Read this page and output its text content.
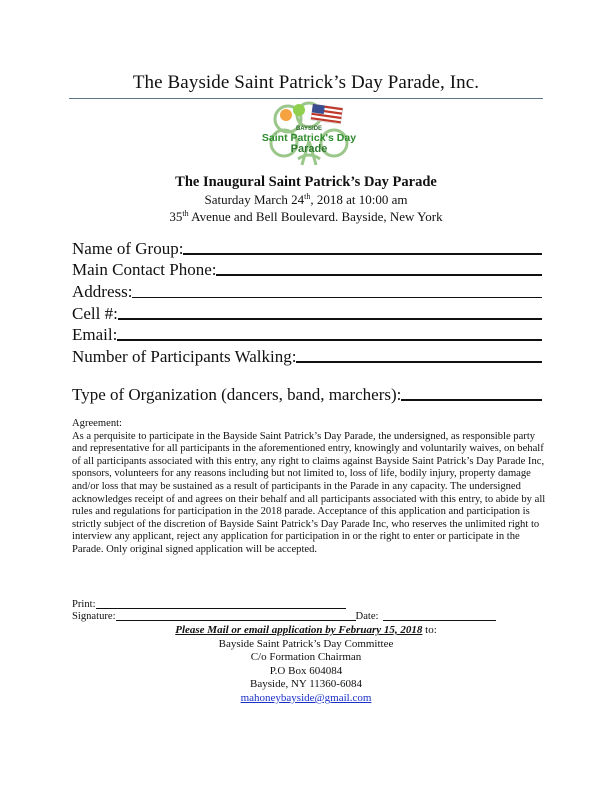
The Bayside Saint Patrick’s Day Parade, Inc.
BAYSIDE
Saint Patrick's Day
Parade
The Inaugural Saint Patrick’s Day Parade
Saturday March 24th, 2018 at 10:00 am
35th Avenue and Bell Boulevard. Bayside, New York
Name of Group:
Main Contact Phone:
Address:
Cell #:
Email:
Number of Participants Walking:
Type of Organization (dancers, band, marchers):

Agreement:

As a perquisite to participate in the Bayside Saint Patrick’s Day Parade, the undersigned, as responsible party and representative for all participants in the aforementioned entry, knowingly and voluntarily waives, on behalf of all participants associated with this entry, any right to claims against Bayside Saint Patrick’s Day Parade Inc, sponsors, volunteers for any reasons including but not limited to, loss of life, bodily injury, property damage and/or loss that may be sustained as a result of participants in the Parade in any capacity. The undersigned acknowledges receipt of and agrees on their behalf and all participants associated with this entry, to abide by all rules and regulations for participation in the 2018 parade. Acceptance of this application and participation is strictly subject of the discretion of Bayside Saint Patrick’s Day Parade Inc, who reserves the unlimited right to interview any applicant, reject any application for participation in or the right to enter or participate in the Parade. Only original signed application will be accepted.

Print:
Signature:	Date:
Please Mail or email application by February 15, 2018 to:
Bayside Saint Patrick’s Day Committee
C/o Formation Chairman
P.O Box 604084
Bayside, NY 11360-6084
mahoneybayside@gmail.com
